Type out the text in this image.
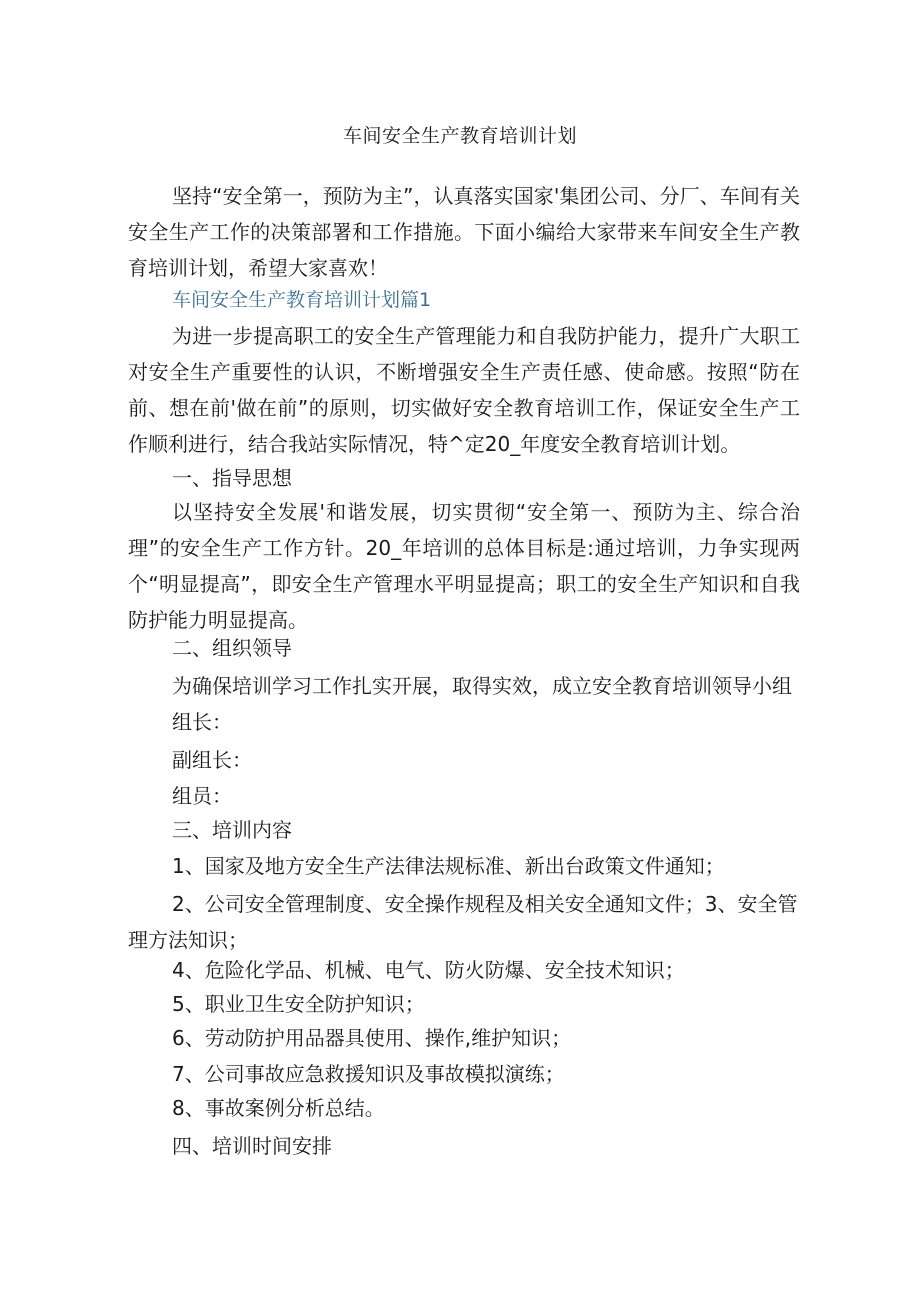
车间安全生产教育培训计划

坚持“安全第一，预防为主”，认真落实国家'集团公司、分厂、车间有关安全生产工作的决策部署和工作措施。下面小编给大家带来车间安全生产教育培训计划，希望大家喜欢！

车间安全生产教育培训计划篇1

为进一步提高职工的安全生产管理能力和自我防护能力，提升广大职工对安全生产重要性的认识，不断增强安全生产责任感、使命感。按照“防在前、想在前'做在前”的原则，切实做好安全教育培训工作，保证安全生产工作顺利进行，结合我站实际情况，特^定20_年度安全教育培训计划。

一、指导思想

以坚持安全发展'和谐发展，切实贯彻“安全第一、预防为主、综合治理”的安全生产工作方针。20_年培训的总体目标是:通过培训，力争实现两个“明显提高”，即安全生产管理水平明显提高；职工的安全生产知识和自我防护能力明显提高。

二、组织领导

为确保培训学习工作扎实开展，取得实效，成立安全教育培训领导小组

组长：

副组长：

组员：

三、培训内容

1、国家及地方安全生产法律法规标准、新出台政策文件通知；

2、公司安全管理制度、安全操作规程及相关安全通知文件；3、安全管理方法知识；

4、危险化学品、机械、电气、防火防爆、安全技术知识；

5、职业卫生安全防护知识；

6、劳动防护用品器具使用、操作,维护知识；

7、公司事故应急救援知识及事故模拟演练；

8、事故案例分析总结。

四、培训时间安排
